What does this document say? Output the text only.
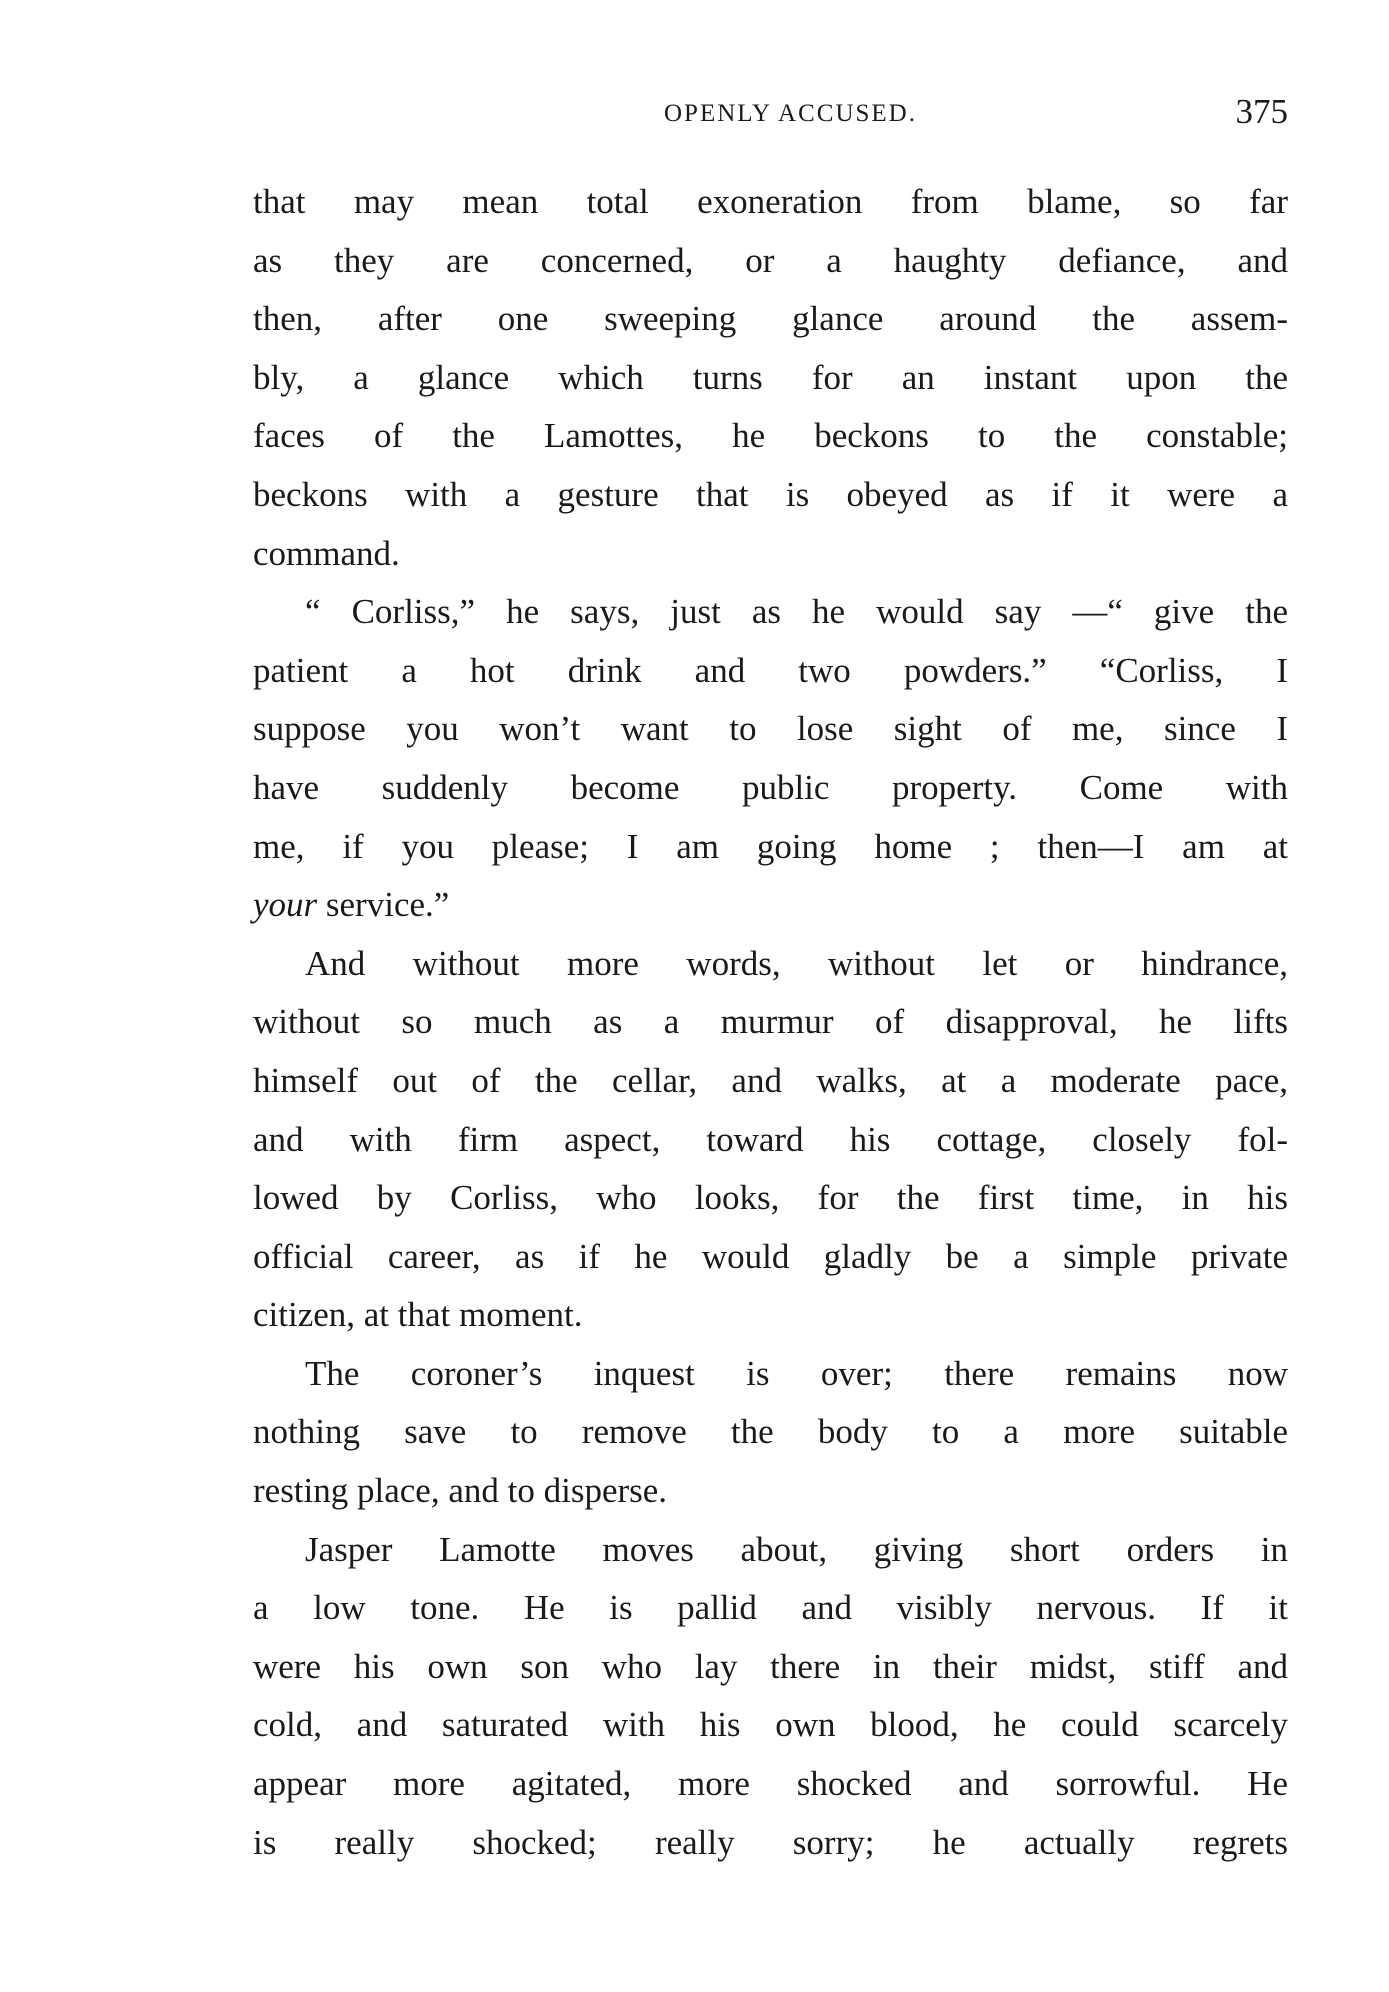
OPENLY ACCUSED.	375
that may mean total exoneration from blame, so far
as they are concerned, or a haughty defiance, and
then, after one sweeping glance around the assem-
bly, a glance which turns for an instant upon the
faces of the Lamottes, he beckons to the constable;
beckons with a gesture that is obeyed as if it were a
command.
“ Corliss,” he says, just as he would say —“ give the
patient a hot drink and two powders.” “Corliss, I
suppose you won’t want to lose sight of me, since I
have suddenly become public property. Come with
me, if you please; I am going home ; then—I am at
your service.”
And without more words, without let or hindrance,
without so much as a murmur of disapproval, he lifts
himself out of the cellar, and walks, at a moderate pace,
and with firm aspect, toward his cottage, closely fol-
lowed by Corliss, who looks, for the first time, in his
official career, as if he would gladly be a simple private
citizen, at that moment.
The coroner’s inquest is over; there remains now
nothing save to remove the body to a more suitable
resting place, and to disperse.
Jasper Lamotte moves about, giving short orders in
a low tone. He is pallid and visibly nervous. If it
were his own son who lay there in their midst, stiff and
cold, and saturated with his own blood, he could scarcely
appear more agitated, more shocked and sorrowful. He
is really shocked; really sorry; he actually regrets
